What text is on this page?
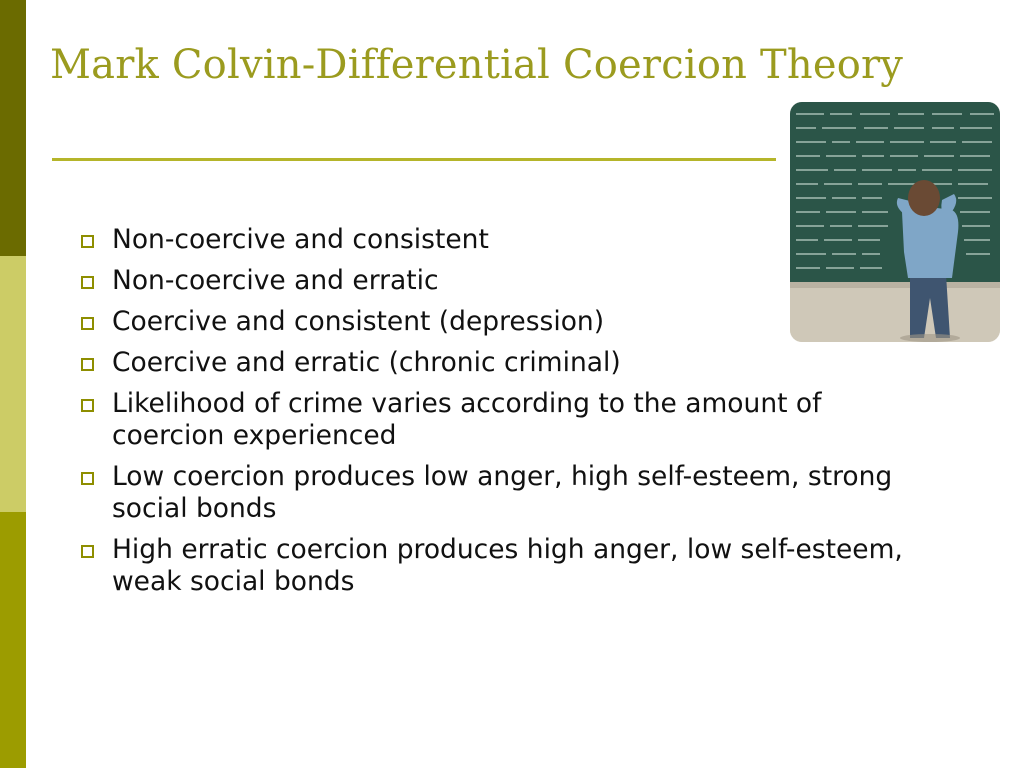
Mark Colvin-Differential Coercion Theory
Non-coercive and consistent
Non-coercive and erratic
Coercive and consistent (depression)
Coercive and erratic (chronic criminal)
Likelihood of crime varies according to the amount of coercion experienced
Low coercion produces low anger, high self-esteem, strong social bonds
High erratic coercion produces high anger, low self-esteem, weak social bonds
